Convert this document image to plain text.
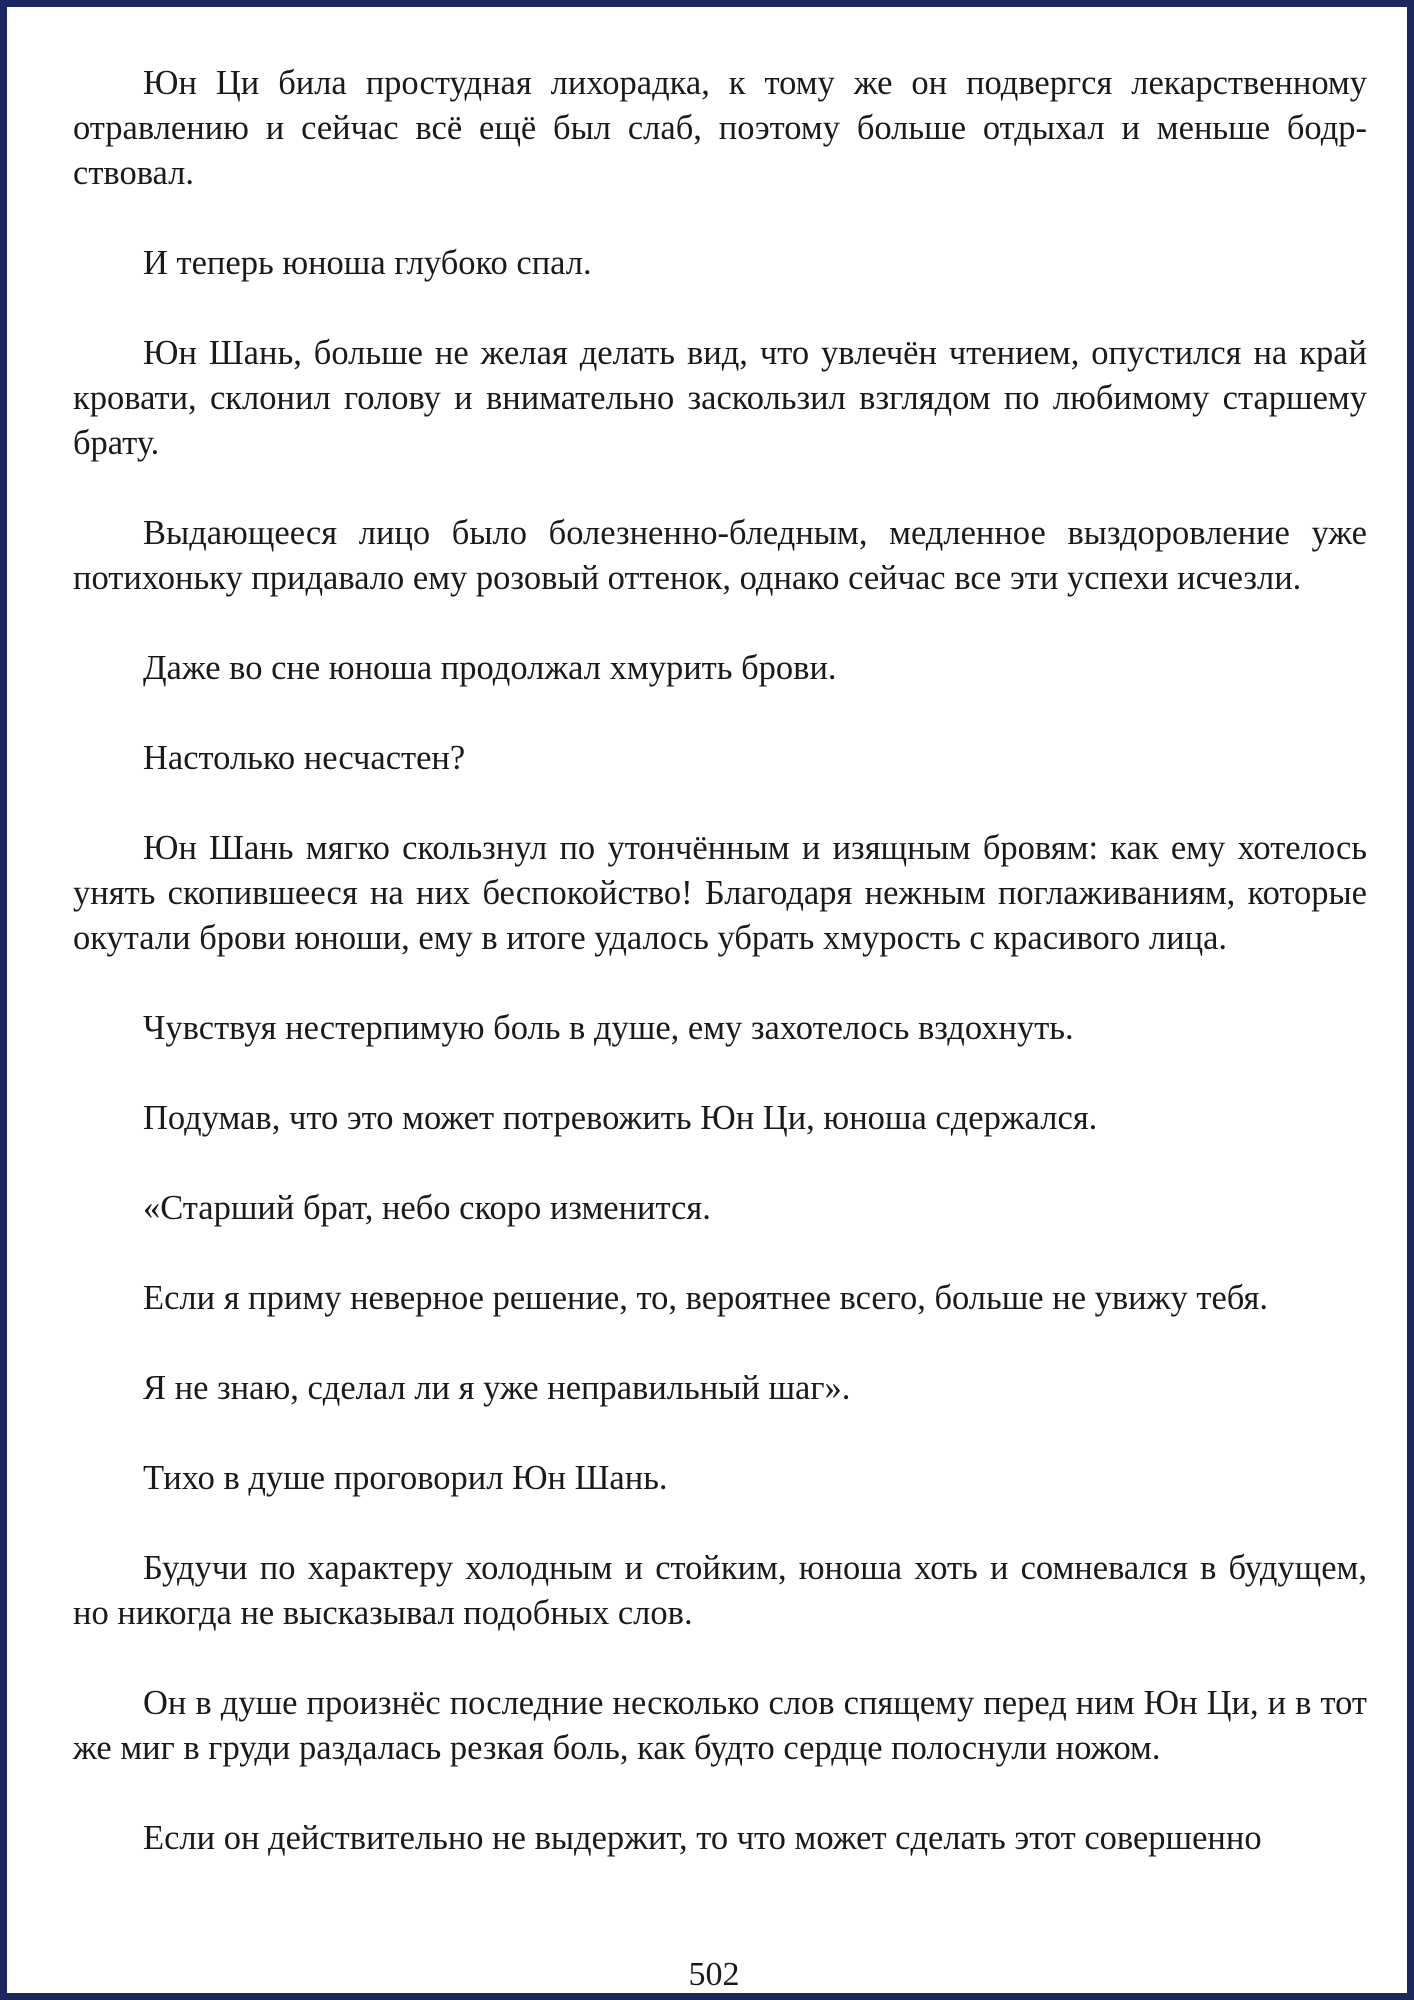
Юн Ци била простудная лихорадка, к тому же он подвергся лекарственному отравлению и сейчас всё ещё был слаб, поэтому больше отдыхал и меньше бодрствовал.

И теперь юноша глубоко спал.

Юн Шань, больше не желая делать вид, что увлечён чтением, опустился на край кровати, склонил голову и внимательно заскользил взглядом по любимому старшему брату.

Выдающееся лицо было болезненно-бледным, медленное выздоровление уже потихоньку придавало ему розовый оттенок, однако сейчас все эти успехи исчезли.

Даже во сне юноша продолжал хмурить брови.

Настолько несчастен?

Юн Шань мягко скользнул по утончённым и изящным бровям: как ему хотелось унять скопившееся на них беспокойство! Благодаря нежным поглаживаниям, которые окутали брови юноши, ему в итоге удалось убрать хмурость с красивого лица.

Чувствуя нестерпимую боль в душе, ему захотелось вздохнуть.

Подумав, что это может потревожить Юн Ци, юноша сдержался.

«Старший брат, небо скоро изменится.

Если я приму неверное решение, то, вероятнее всего, больше не увижу тебя.

Я не знаю, сделал ли я уже неправильный шаг».

Тихо в душе проговорил Юн Шань.

Будучи по характеру холодным и стойким, юноша хоть и сомневался в будущем, но никогда не высказывал подобных слов.

Он в душе произнёс последние несколько слов спящему перед ним Юн Ци, и в тот же миг в груди раздалась резкая боль, как будто сердце полоснули ножом.

Если он действительно не выдержит, то что может сделать этот совершенно

502
